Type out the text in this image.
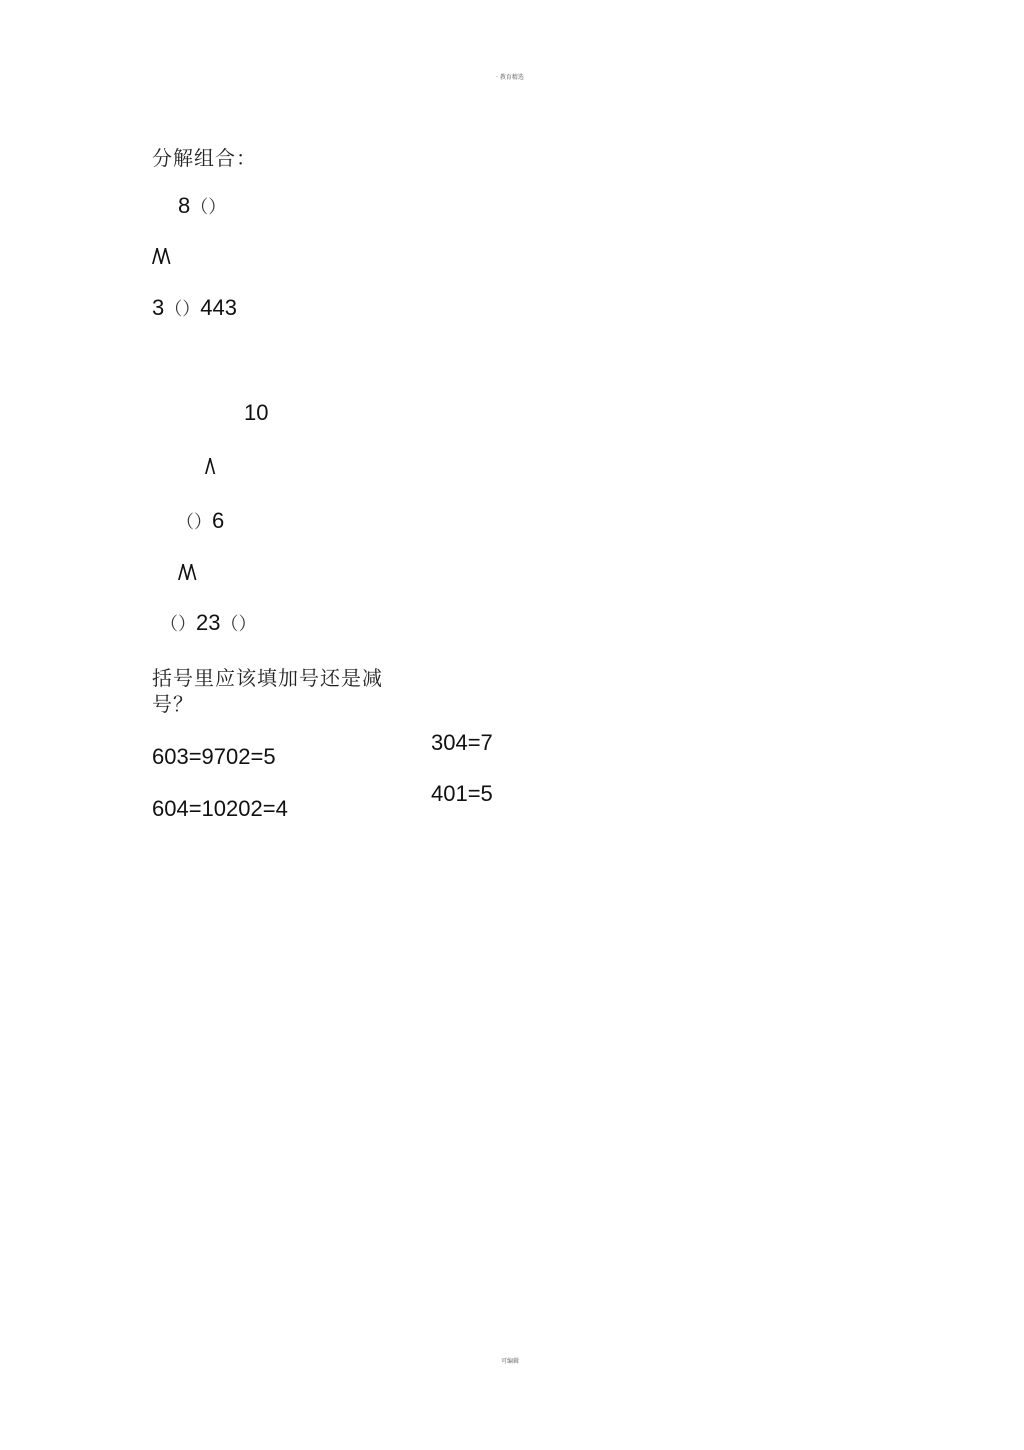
· 教育精选
分解组合：
8（）
/\/\
3（）443
10
/\
（）6
/\/\
（）23（）
括号里应该填加号还是减号？
603=9702=5
604=10202=4
304=7
401=5
可编辑
